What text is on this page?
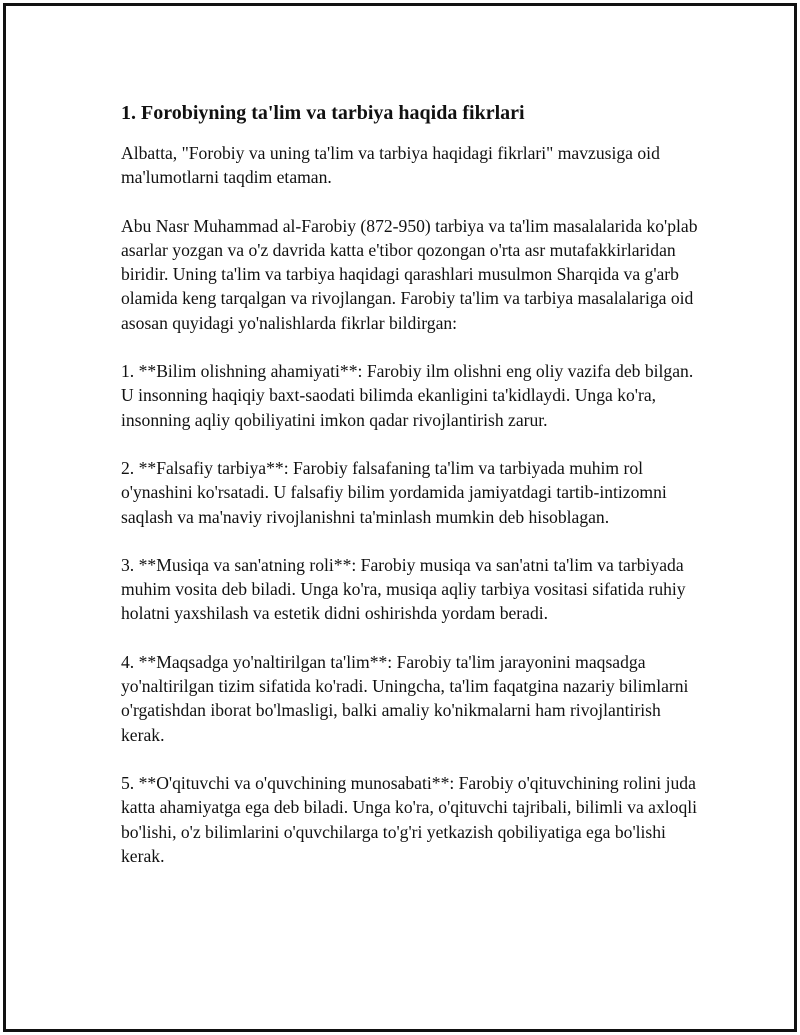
1. Forobiyning ta'lim va tarbiya haqida fikrlari

Albatta, "Forobiy va uning ta'lim va tarbiya haqidagi fikrlari" mavzusiga oid ma'lumotlarni taqdim etaman.

Abu Nasr Muhammad al-Farobiy (872-950) tarbiya va ta'lim masalalarida ko'plab asarlar yozgan va o'z davrida katta e'tibor qozongan o'rta asr mutafakkirlaridan biridir. Uning ta'lim va tarbiya haqidagi qarashlari musulmon Sharqida va g'arb olamida keng tarqalgan va rivojlangan. Farobiy ta'lim va tarbiya masalalariga oid asosan quyidagi yo'nalishlarda fikrlar bildirgan:

1. **Bilim olishning ahamiyati**: Farobiy ilm olishni eng oliy vazifa deb bilgan. U insonning haqiqiy baxt-saodati bilimda ekanligini ta'kidlaydi. Unga ko'ra, insonning aqliy qobiliyatini imkon qadar rivojlantirish zarur.

2. **Falsafiy tarbiya**: Farobiy falsafaning ta'lim va tarbiyada muhim rol o'ynashini ko'rsatadi. U falsafiy bilim yordamida jamiyatdagi tartib-intizomni saqlash va ma'naviy rivojlanishni ta'minlash mumkin deb hisoblagan.

3. **Musiqa va san'atning roli**: Farobiy musiqa va san'atni ta'lim va tarbiyada muhim vosita deb biladi. Unga ko'ra, musiqa aqliy tarbiya vositasi sifatida ruhiy holatni yaxshilash va estetik didni oshirishda yordam beradi.

4. **Maqsadga yo'naltirilgan ta'lim**: Farobiy ta'lim jarayonini maqsadga yo'naltirilgan tizim sifatida ko'radi. Uningcha, ta'lim faqatgina nazariy bilimlarni o'rgatishdan iborat bo'lmasligi, balki amaliy ko'nikmalarni ham rivojlantirish kerak.

5. **O'qituvchi va o'quvchining munosabati**: Farobiy o'qituvchining rolini juda katta ahamiyatga ega deb biladi. Unga ko'ra, o'qituvchi tajribali, bilimli va axloqli bo'lishi, o'z bilimlarini o'quvchilarga to'g'ri yetkazish qobiliyatiga ega bo'lishi kerak.
